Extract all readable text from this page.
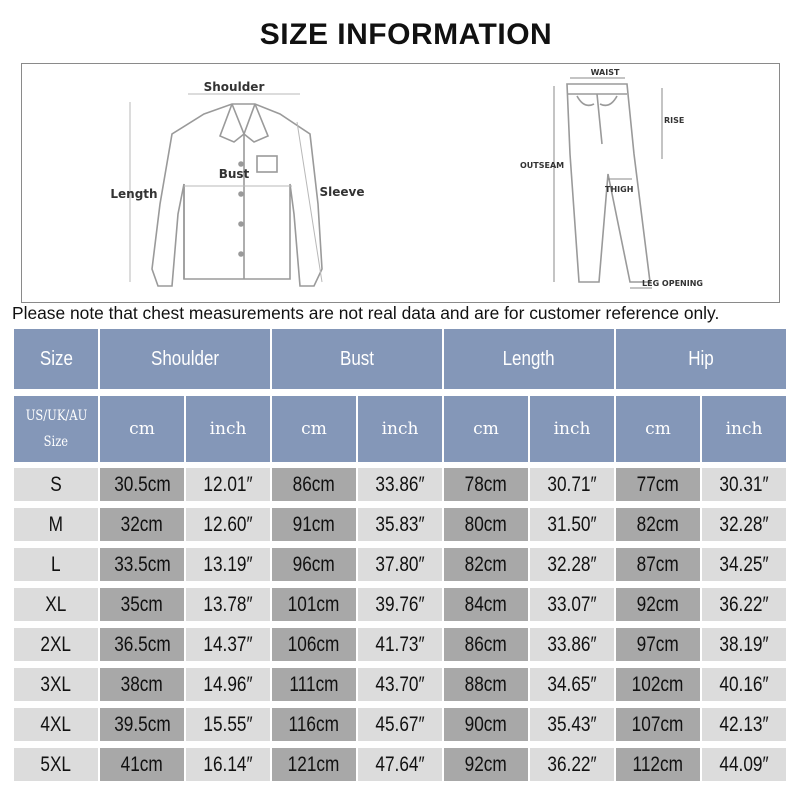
SIZE INFORMATION
Shoulder
Bust
Length	Sleeve
WAIST
RISE
OUTSEAM
THIGH
LEG OPENING
Please note that chest measurements are not real data and are for customer reference only.
Size	Shoulder		Bust		Length		Hip	
US/UK/AU
Size	cm	inch	cm	inch	cm	inch	cm	inch
S	30.5cm	12.01″	86cm	33.86″	78cm	30.71″	77cm	30.31″
M	32cm	12.60″	91cm	35.83″	80cm	31.50″	82cm	32.28″
L	33.5cm	13.19″	96cm	37.80″	82cm	32.28″	87cm	34.25″
XL	35cm	13.78″	101cm	39.76″	84cm	33.07″	92cm	36.22″
2XL	36.5cm	14.37″	106cm	41.73″	86cm	33.86″	97cm	38.19″
3XL	38cm	14.96″	111cm	43.70″	88cm	34.65″	102cm	40.16″
4XL	39.5cm	15.55″	116cm	45.67″	90cm	35.43″	107cm	42.13″
5XL	41cm	16.14″	121cm	47.64″	92cm	36.22″	112cm	44.09″
